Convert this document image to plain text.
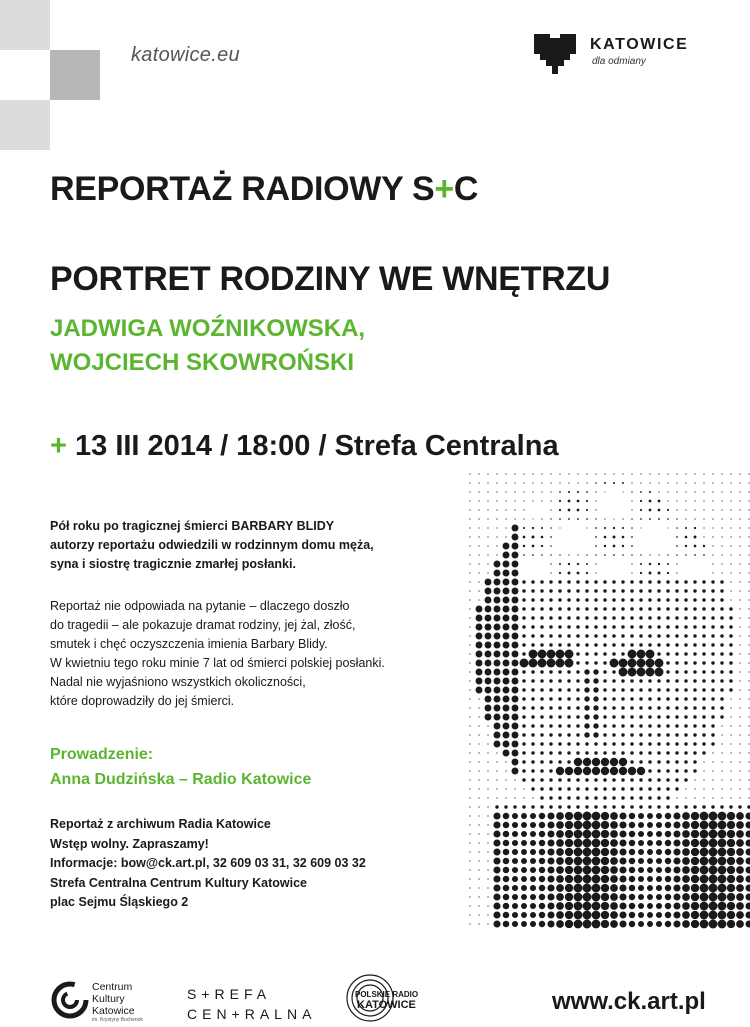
katowice.eu	KATOWICE
dla odmiany
REPORTAŻ RADIOWY S+C
PORTRET RODZINY WE WNĘTRZU
JADWIGA WOŹNIKOWSKA,
WOJCIECH SKOWROŃSKI
+ 13 III 2014 / 18:00 / Strefa Centralna
Pół roku po tragicznej śmierci BARBARY BLIDY
autorzy reportażu odwiedzili w rodzinnym domu męża,
syna i siostrę tragicznie zmarłej posłanki.
Reportaż nie odpowiada na pytanie – dlaczego doszło
do tragedii – ale pokazuje dramat rodziny, jej żal, złość,
smutek i chęć oczyszczenia imienia Barbary Blidy.
W kwietniu tego roku minie 7 lat od śmierci polskiej posłanki.
Nadal nie wyjaśniono wszystkich okoliczności,
które doprowadziły do jej śmierci.
Prowadzenie:
Anna Dudzińska – Radio Katowice
Reportaż z archiwum Radia Katowice
Wstęp wolny. Zapraszamy!
Informacje: bow@ck.art.pl, 32 609 03 31, 32 609 03 32
Strefa Centralna Centrum Kultury Katowice
plac Sejmu Śląskiego 2
Centrum
Kultury
Katowice
im. Krystyny Bochenek
S+REFA
CEN+RALNA
POLSKIE RADIO
KATOWICE	www.ck.art.pl
